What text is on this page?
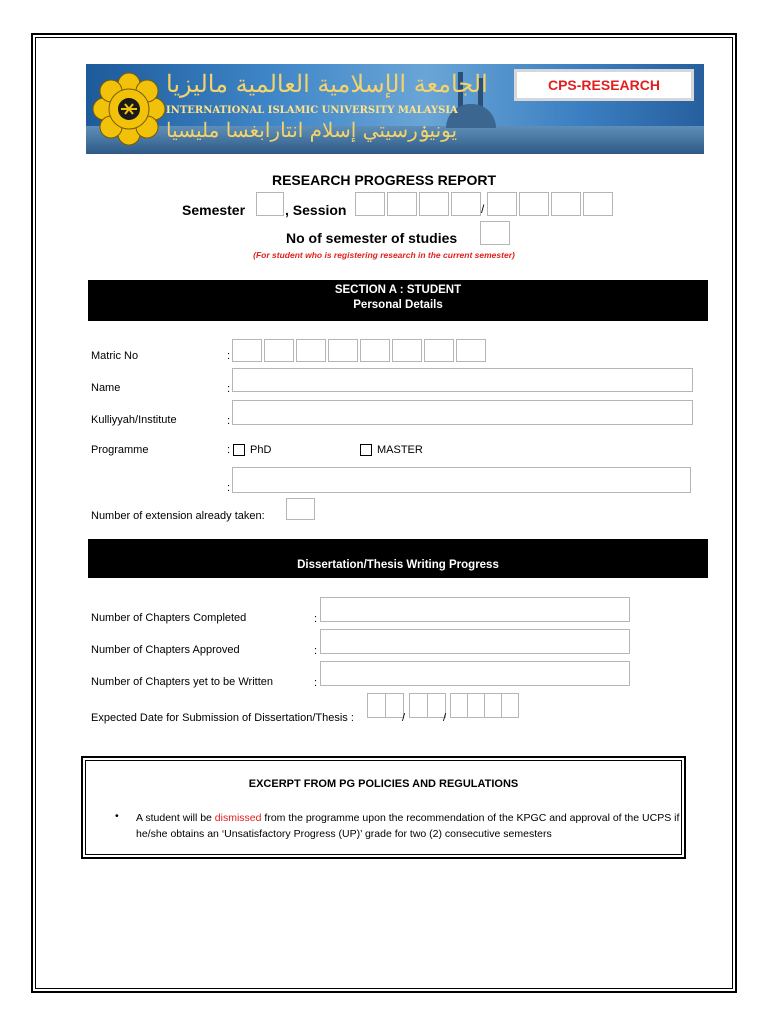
الجامعة الإسلامية العالمية ماليزيا
INTERNATIONAL ISLAMIC UNIVERSITY MALAYSIA
يونيۏرسيتي إسلام انتارابغسا مليسيا
CPS-RESEARCH
RESEARCH PROGRESS REPORT
Semester	, Session	/
No of semester of studies
(For student who is registering research in the current semester)
SECTION A : STUDENT
Personal Details
Matric No	:
Name	:
Kulliyyah/Institute	:
Programme	: PhD	MASTER
:
Number of extension already taken:
Dissertation/Thesis Writing Progress
Number of Chapters Completed	:
Number of Chapters Approved	:
Number of Chapters yet to be Written	:
Expected Date for Submission of Dissertation/Thesis :	/	/
EXCERPT FROM PG POLICIES AND REGULATIONS
• A student will be dismissed from the programme upon the recommendation of the KPGC and approval of the UCPS if he/she obtains an ‘Unsatisfactory Progress (UP)’ grade for two (2) consecutive semesters
